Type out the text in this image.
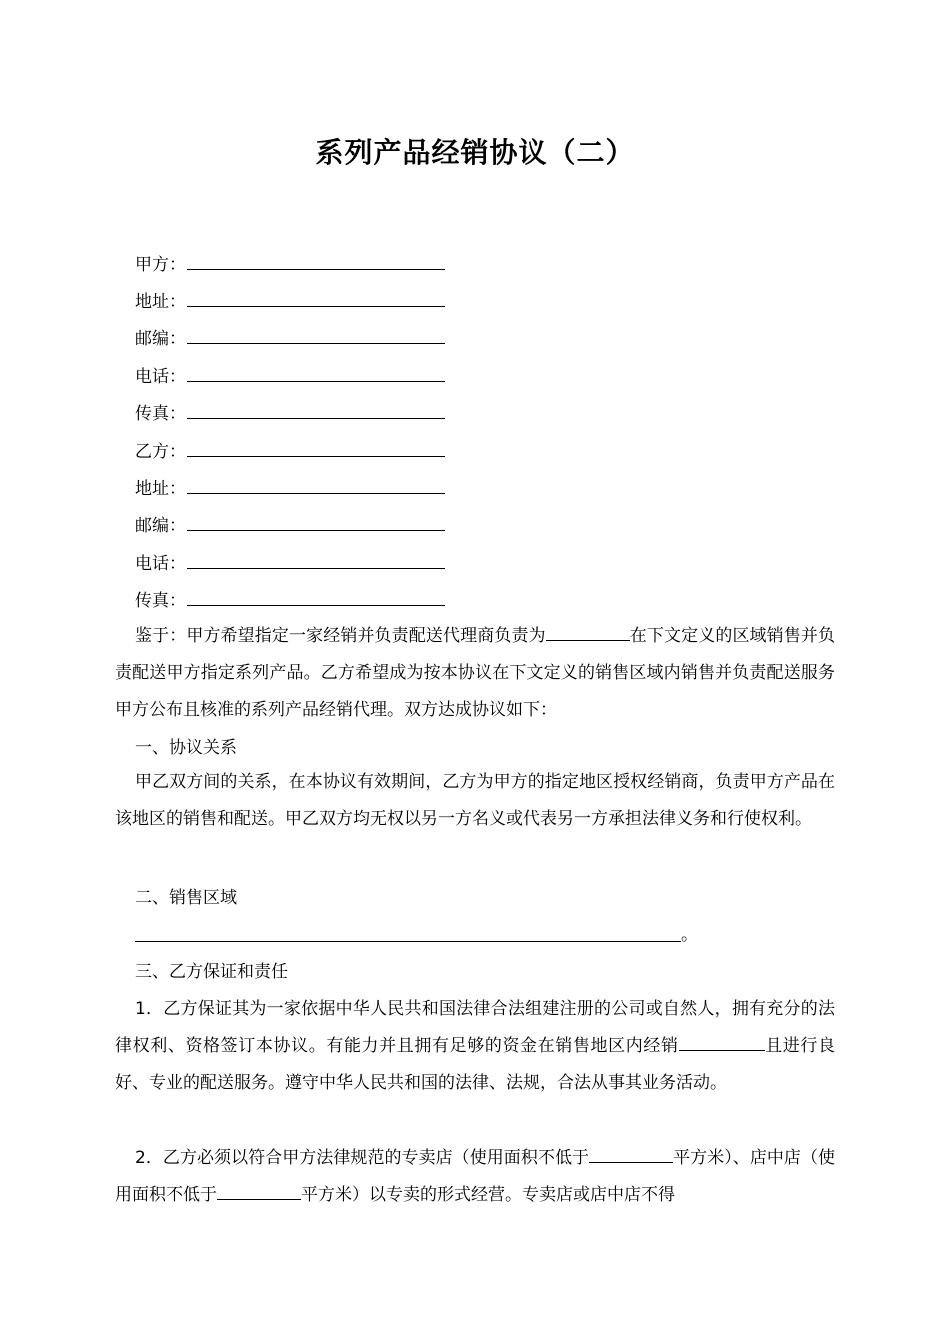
系列产品经销协议（二）
甲方：
地址：
邮编：
电话：
传真：
乙方：
地址：
邮编：
电话：
传真：
鉴于：甲方希望指定一家经销并负责配送代理商负责为	在下文定义的区域销售并负责配送甲方指定系列产品。乙方希望成为按本协议在下文定义的销售区域内销售并负责配送服务甲方公布且核准的系列产品经销代理。双方达成协议如下：
一、协议关系
甲乙双方间的关系，在本协议有效期间，乙方为甲方的指定地区授权经销商，负责甲方产品在该地区的销售和配送。甲乙双方均无权以另一方名义或代表另一方承担法律义务和行使权利。
二、销售区域
。
三、乙方保证和责任
1．乙方保证其为一家依据中华人民共和国法律合法组建注册的公司或自然人，拥有充分的法律权利、资格签订本协议。有能力并且拥有足够的资金在销售地区内经销	且进行良好、专业的配送服务。遵守中华人民共和国的法律、法规，合法从事其业务活动。
2．乙方必须以符合甲方法律规范的专卖店（使用面积不低于	平方米）、店中店（使用面积不低于	平方米）以专卖的形式经营。专卖店或店中店不得
